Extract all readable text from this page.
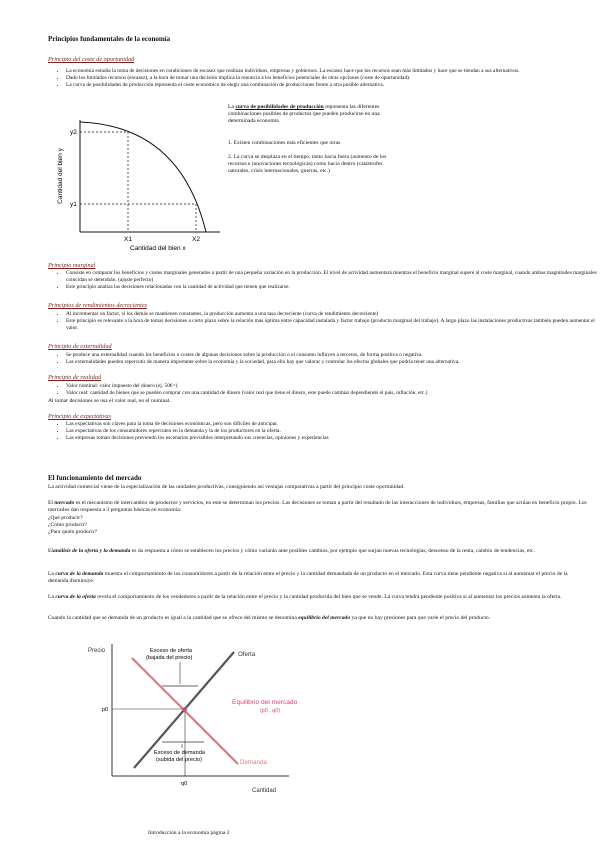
Principios fundamentales de la economía
Principio del coste de oportunidad
• La economía estudia la toma de decisiones en condiciones de escasez que realizan individuos, empresas y gobiernos. La escasez hace que los recursos sean más limitados y hace que se tiendan a sus alternativos.
• Dado los limitados recursos (escasez), a la hora de tomar una decisión implica la renuncia a los beneficios potenciales de otras opciones (coste de oportunidad).
• La curva de posibilidades de producción representa el coste económico de elegir una combinación de producciones frente a otra posible alternativa.
y2
y1
X1	X2
Cantidad del bien x
Cantidad del bien y
La curva de posibilidades de producción representa las diferentes combinaciones posibles de productos que pueden producirse en una determinada economía
1. Existen combinaciones más eficientes que otras
2. La curva se desplaza en el tiempo, tanto hacia fuera (aumento de los recursos e innovaciones tecnológicas) como hacia dentro (catástrofes naturales, crisis internacionales, guerras, etc.)
Principio marginal
• Consiste en comparar los beneficios y costes marginales generados a partir de una pequeña variación en la producción. El nivel de actividad aumentará mientras el beneficio marginal supere al coste marginal, cuando ambas magnitudes marginales coincidan se detendrán. (ajuste perfecto)
• Este principio analiza las decisiones relacionadas con la cantidad de actividad que tienen que realizarse.
Principios de rendimientos decrecientes
• Al incrementar un factor, si los demás se mantienen constantes, la producción aumenta a una tasa decreciente (curva de rendimiento decreciente)
• Este principio es relevante a la hora de tomar decisiones a corto plazo sobre la relación más óptima entre capacidad instalada y factor trabajo (producto marginal del trabajo). A largo plazo las instalaciones productivas también pueden aumentar el valor.
Principio de externalidad
• Se produce una externalidad cuando los beneficios o costes de algunas decisiones sobre la producción o el consumo influyen a terceros, de forma positiva o negativa.
• Las externalidades pueden repercutir de manera importante sobre la economía y la sociedad, para ello hay que valorar y controlar los efectos globales que podría tener una alternativa.
Principio de realidad
• Valor nominal: valor impuesto del dinero (ej. 50€=)
• Valor real: cantidad de bienes que se pueden comprar con una cantidad de dinero (valor real que tiene el dinero, este puede cambiar dependiendo el país, inflación, etc.)
Al tomar decisiones se usa el valor real, no el nominal.
Principio de expectativas
• Las expectativas son claves para la toma de decisiones económicas, pero son difíciles de anticipar.
• Las expectativas de los consumidores repercuten en la demanda y la de los productores en la oferta.
• Las empresas toman decisiones previendo los escenarios previsibles interpretando sus creencias, opiniones y experiencias
El funcionamiento del mercado
La actividad comercial viene de la especialización de las unidades productivas, consiguiendo así ventajas comparativas a partir del principio coste oportunidad.
El mercado es el mecanismo de intercambio de productos y servicios, en este se determinan los precios. Las decisiones se toman a partir del resultado de las interacciones de individuos, empresas, familias que actúan en beneficio propio. Los mercados dan respuesta a 3 preguntas básicas en economía:
¿Qué producir?
¿Cómo producir?
¿Para quién producir?
Elanálisis de la oferta y la demanda es da respuesta a cómo se establecen los precios y cómo variarán ante posibles cambios, por ejemplo que surjan nuevas tecnologías, descenso de la renta, cambio de tendencias, etc.
La curva de la demanda muestra el comportamiento de los consumidores a partir de la relación entre el precio y la cantidad demandada de un producto en el mercado. Esta curva tiene pendiente negativa si al aumentar el precio de la demanda disminuye.
La curva de la oferta revela el comportamiento de los vendedores a partir de la relación entre el precio y la cantidad producida del bien que se vende. La curva tendrá pendiente positiva si al aumentar los precios aumenta la oferta.
Cuando la cantidad que se demanda de un producto es igual a la cantidad que se ofrece del mismo se denomina equilibrio del mercado ya que no hay presiones para que varíe el precio del producto.
Precio
Cantidad
Exceso de oferta
(bajada del precio)	Oferta
p0
Equilibrio del mercado
(p0 , q0)
Exceso de demanda
(subida del precio)	Demanda
q0
Introducción a la economía página 2
